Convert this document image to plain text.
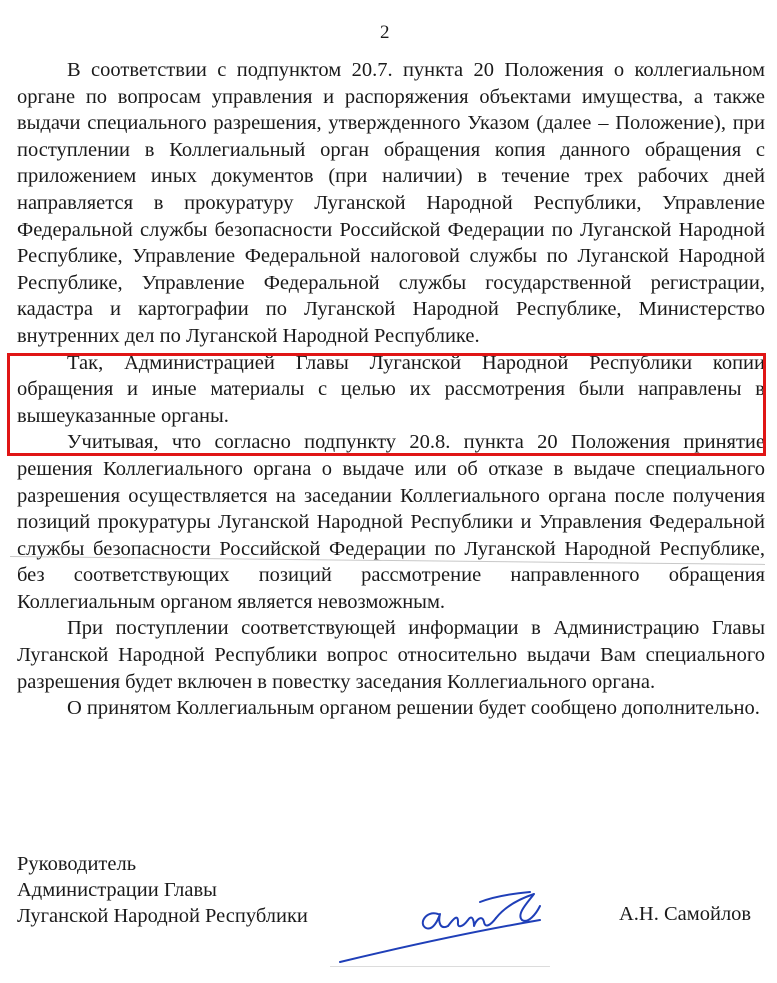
2

В соответствии с подпунктом 20.7. пункта 20 Положения о коллегиальном органе по вопросам управления и распоряжения объектами имущества, а также выдачи специального разрешения, утвержденного Указом (далее – Положение), при поступлении в Коллегиальный орган обращения копия данного обращения с приложением иных документов (при наличии) в течение трех рабочих дней направляется в прокуратуру Луганской Народной Республики, Управление Федеральной службы безопасности Российской Федерации по Луганской Народной Республике, Управление Федеральной налоговой службы по Луганской Народной Республике, Управление Федеральной службы государственной регистрации, кадастра и картографии по Луганской Народной Республике, Министерство внутренних дел по Луганской Народной Республике.

Так, Администрацией Главы Луганской Народной Республики копии обращения и иные материалы с целью их рассмотрения были направлены в вышеуказанные органы.

Учитывая, что согласно подпункту 20.8. пункта 20 Положения принятие решения Коллегиального органа о выдаче или об отказе в выдаче специального разрешения осуществляется на заседании Коллегиального органа после получения позиций прокуратуры Луганской Народной Республики и Управления Федеральной службы безопасности Российской Федерации по Луганской Народной Республике, без соответствующих позиций рассмотрение направленного обращения Коллегиальным органом является невозможным.

При поступлении соответствующей информации в Администрацию Главы Луганской Народной Республики вопрос относительно выдачи Вам специального разрешения будет включен в повестку заседания Коллегиального органа.

О принятом Коллегиальным органом решении будет сообщено дополнительно.

Руководитель
Администрации Главы
Луганской Народной Республики	А.Н. Самойлов
